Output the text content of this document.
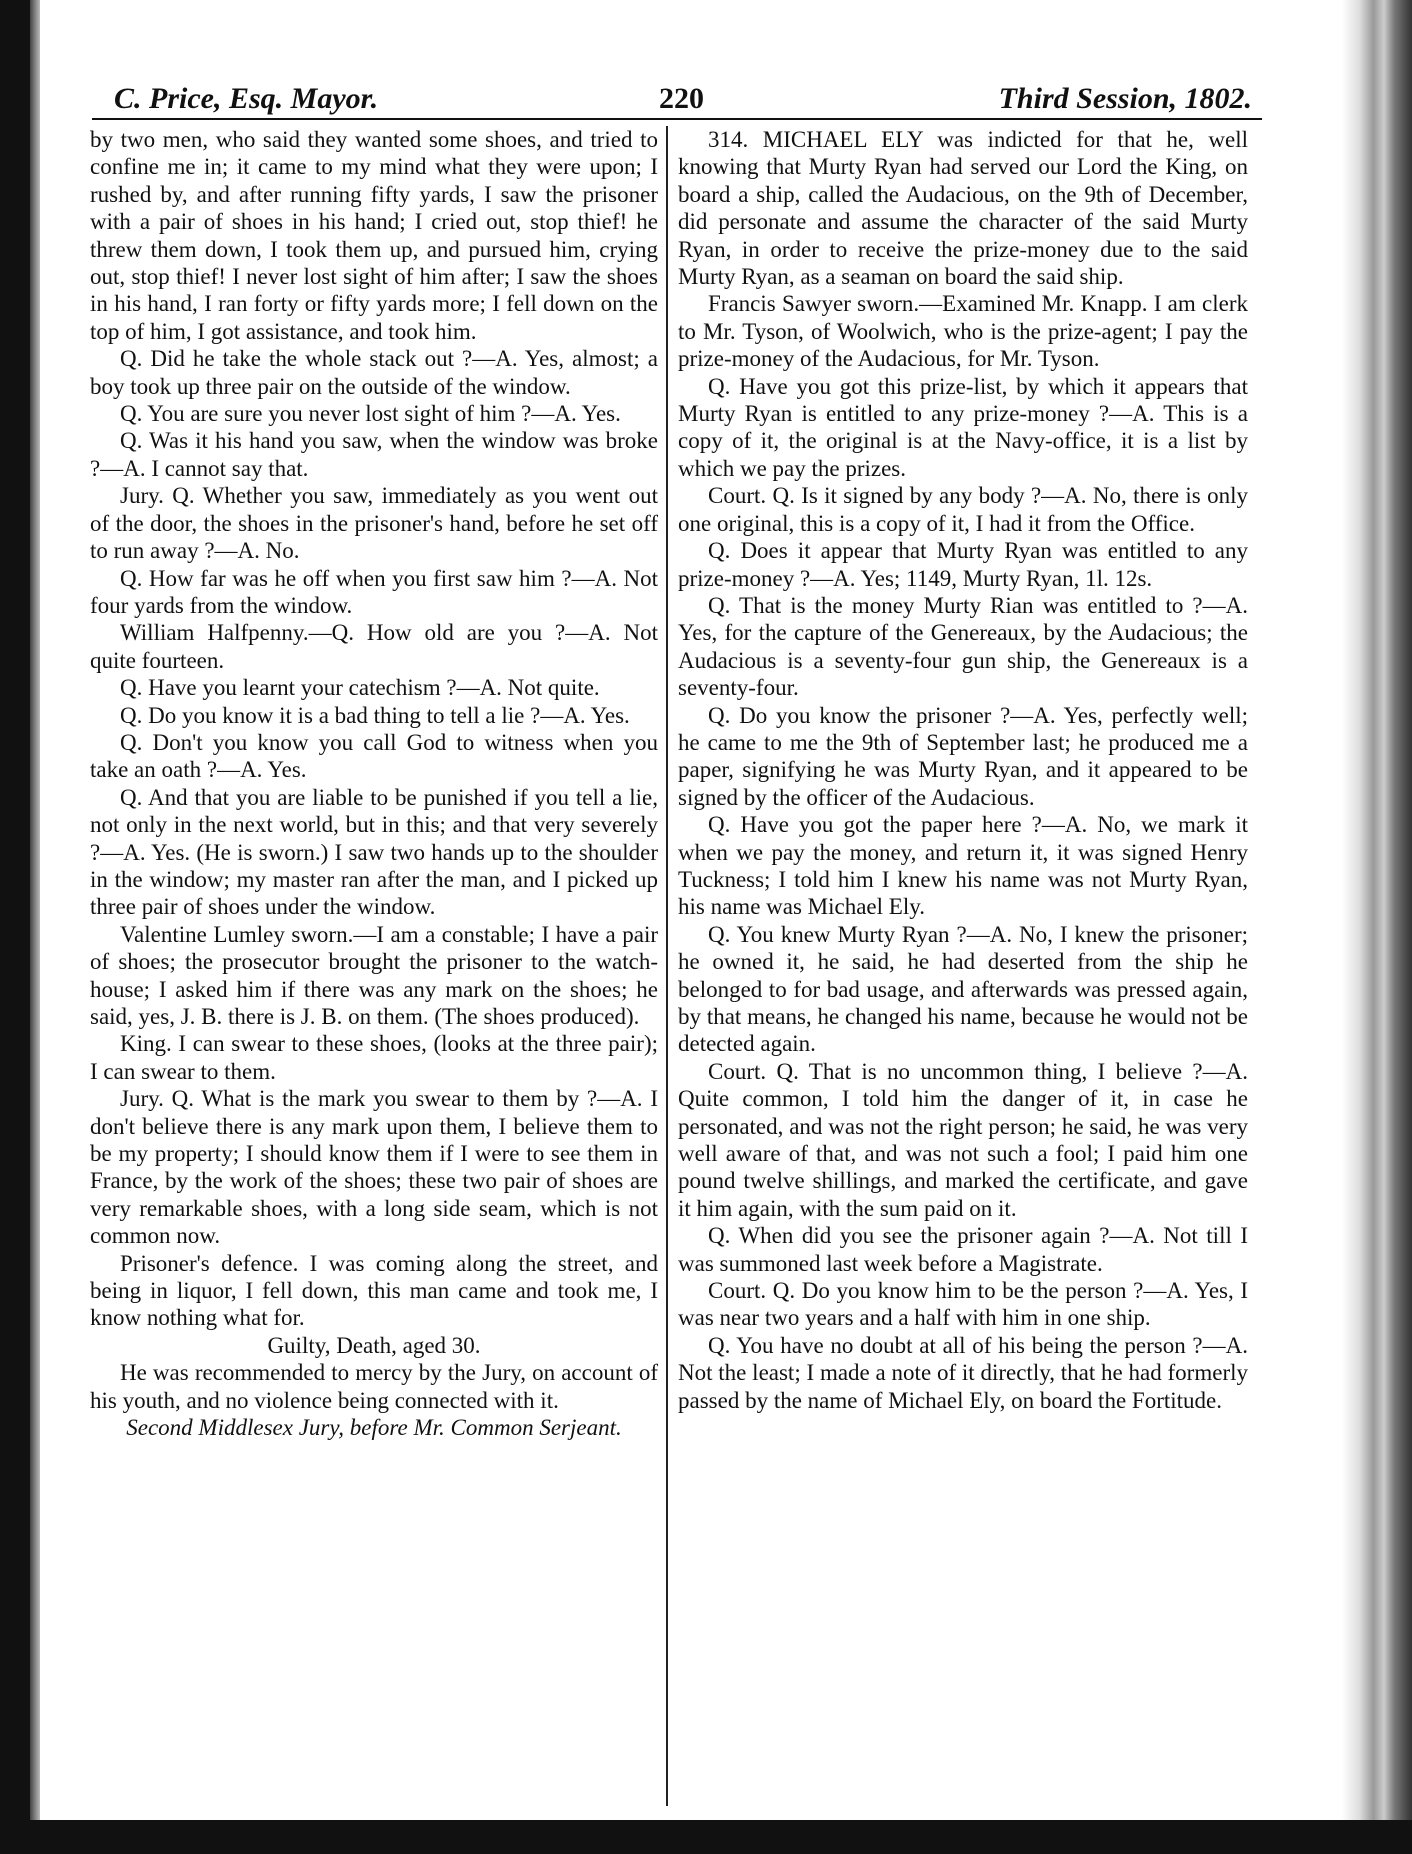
C. Price, Esq. Mayor.	220	Third Session, 1802.

by two men, who said they wanted some shoes, and tried to confine me in; it came to my mind what they were upon; I rushed by, and after running fifty yards, I saw the prisoner with a pair of shoes in his hand; I cried out, stop thief! he threw them down, I took them up, and pursued him, crying out, stop thief! I never lost sight of him after; I saw the shoes in his hand, I ran forty or fifty yards more; I fell down on the top of him, I got assistance, and took him.

Q. Did he take the whole stack out ?—A. Yes, almost; a boy took up three pair on the outside of the window.

Q. You are sure you never lost sight of him ?—A. Yes.

Q. Was it his hand you saw, when the window was broke ?—A. I cannot say that.

Jury. Q. Whether you saw, immediately as you went out of the door, the shoes in the prisoner's hand, before he set off to run away ?—A. No.

Q. How far was he off when you first saw him ?—A. Not four yards from the window.

William Halfpenny.—Q. How old are you ?—A. Not quite fourteen.

Q. Have you learnt your catechism ?—A. Not quite.

Q. Do you know it is a bad thing to tell a lie ?—A. Yes.

Q. Don't you know you call God to witness when you take an oath ?—A. Yes.

Q. And that you are liable to be punished if you tell a lie, not only in the next world, but in this; and that very severely ?—A. Yes. (He is sworn.) I saw two hands up to the shoulder in the window; my master ran after the man, and I picked up three pair of shoes under the window.

Valentine Lumley sworn.—I am a constable; I have a pair of shoes; the prosecutor brought the prisoner to the watch-house; I asked him if there was any mark on the shoes; he said, yes, J. B. there is J. B. on them. (The shoes produced).

King. I can swear to these shoes, (looks at the three pair); I can swear to them.

Jury. Q. What is the mark you swear to them by ?—A. I don't believe there is any mark upon them, I believe them to be my property; I should know them if I were to see them in France, by the work of the shoes; these two pair of shoes are very remarkable shoes, with a long side seam, which is not common now.

Prisoner's defence. I was coming along the street, and being in liquor, I fell down, this man came and took me, I know nothing what for.

Guilty, Death, aged 30.

He was recommended to mercy by the Jury, on account of his youth, and no violence being connected with it.

Second Middlesex Jury, before Mr. Common Serjeant.

314. MICHAEL ELY was indicted for that he, well knowing that Murty Ryan had served our Lord the King, on board a ship, called the Audacious, on the 9th of December, did personate and assume the character of the said Murty Ryan, in order to receive the prize-money due to the said Murty Ryan, as a seaman on board the said ship.

Francis Sawyer sworn.—Examined Mr. Knapp. I am clerk to Mr. Tyson, of Woolwich, who is the prize-agent; I pay the prize-money of the Audacious, for Mr. Tyson.

Q. Have you got this prize-list, by which it appears that Murty Ryan is entitled to any prize-money ?—A. This is a copy of it, the original is at the Navy-office, it is a list by which we pay the prizes.

Court. Q. Is it signed by any body ?—A. No, there is only one original, this is a copy of it, I had it from the Office.

Q. Does it appear that Murty Ryan was entitled to any prize-money ?—A. Yes; 1149, Murty Ryan, 1l. 12s.

Q. That is the money Murty Rian was entitled to ?—A. Yes, for the capture of the Genereaux, by the Audacious; the Audacious is a seventy-four gun ship, the Genereaux is a seventy-four.

Q. Do you know the prisoner ?—A. Yes, perfectly well; he came to me the 9th of September last; he produced me a paper, signifying he was Murty Ryan, and it appeared to be signed by the officer of the Audacious.

Q. Have you got the paper here ?—A. No, we mark it when we pay the money, and return it, it was signed Henry Tuckness; I told him I knew his name was not Murty Ryan, his name was Michael Ely.

Q. You knew Murty Ryan ?—A. No, I knew the prisoner; he owned it, he said, he had deserted from the ship he belonged to for bad usage, and afterwards was pressed again, by that means, he changed his name, because he would not be detected again.

Court. Q. That is no uncommon thing, I believe ?—A. Quite common, I told him the danger of it, in case he personated, and was not the right person; he said, he was very well aware of that, and was not such a fool; I paid him one pound twelve shillings, and marked the certificate, and gave it him again, with the sum paid on it.

Q. When did you see the prisoner again ?—A. Not till I was summoned last week before a Magistrate.

Court. Q. Do you know him to be the person ?—A. Yes, I was near two years and a half with him in one ship.

Q. You have no doubt at all of his being the person ?—A. Not the least; I made a note of it directly, that he had formerly passed by the name of Michael Ely, on board the Fortitude.
